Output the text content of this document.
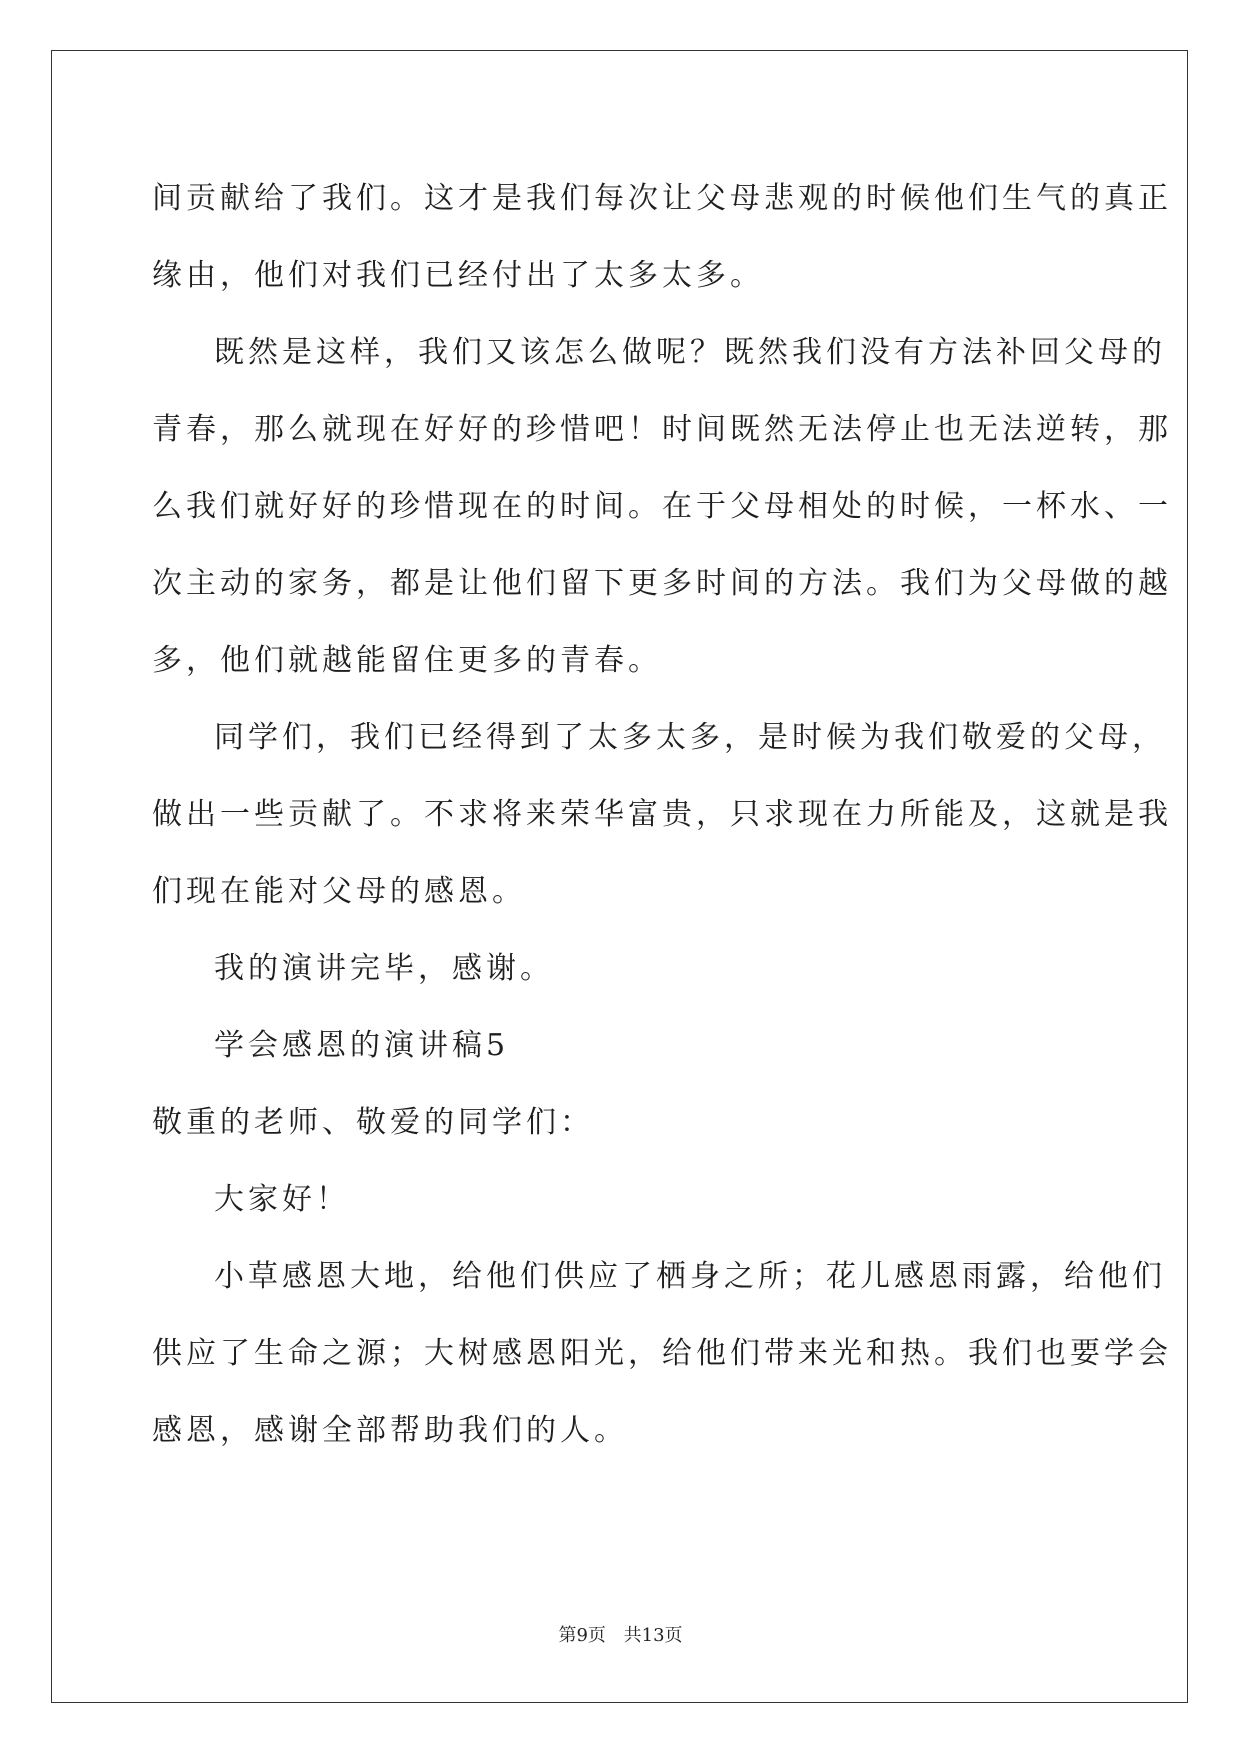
间贡献给了我们。这才是我们每次让父母悲观的时候他们生气的真正
缘由，他们对我们已经付出了太多太多。
既然是这样，我们又该怎么做呢？既然我们没有方法补回父母的
青春，那么就现在好好的珍惜吧！时间既然无法停止也无法逆转，那
么我们就好好的珍惜现在的时间。在于父母相处的时候，一杯水、一
次主动的家务，都是让他们留下更多时间的方法。我们为父母做的越
多，他们就越能留住更多的青春。
同学们，我们已经得到了太多太多，是时候为我们敬爱的父母，
做出一些贡献了。不求将来荣华富贵，只求现在力所能及，这就是我
们现在能对父母的感恩。
我的演讲完毕，感谢。
学会感恩的演讲稿5
敬重的老师、敬爱的同学们：
大家好！
小草感恩大地，给他们供应了栖身之所；花儿感恩雨露，给他们
供应了生命之源；大树感恩阳光，给他们带来光和热。我们也要学会
感恩，感谢全部帮助我们的人。
第9页 共13页
